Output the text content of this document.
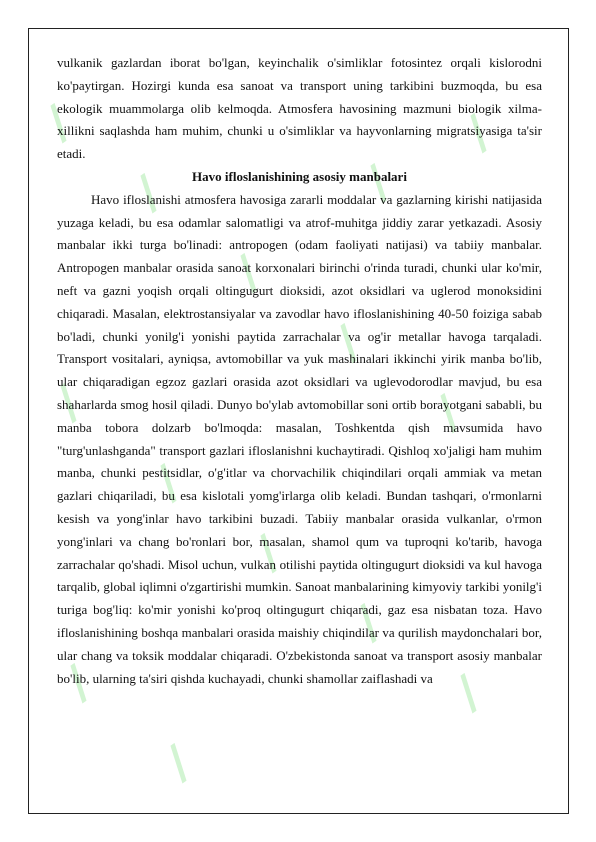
/
/
/
/
/
/
/
/
/
/
/
/
/
/

vulkanik gazlardan iborat bo'lgan, keyinchalik o'simliklar fotosintez orqali kislorodni ko'paytirgan. Hozirgi kunda esa sanoat va transport uning tarkibini buzmoqda, bu esa ekologik muammolarga olib kelmoqda. Atmosfera havosining mazmuni biologik xilma-xillikni saqlashda ham muhim, chunki u o'simliklar va hayvonlarning migratsiyasiga ta'sir etadi.

Havo ifloslanishining asosiy manbalari

Havo ifloslanishi atmosfera havosiga zararli moddalar va gazlarning kirishi natijasida yuzaga keladi, bu esa odamlar salomatligi va atrof-muhitga jiddiy zarar yetkazadi. Asosiy manbalar ikki turga bo'linadi: antropogen (odam faoliyati natijasi) va tabiiy manbalar. Antropogen manbalar orasida sanoat korxonalari birinchi o'rinda turadi, chunki ular ko'mir, neft va gazni yoqish orqali oltingugurt dioksidi, azot oksidlari va uglerod monoksidini chiqaradi. Masalan, elektrostansiyalar va zavodlar havo ifloslanishining 40-50 foiziga sabab bo'ladi, chunki yonilg'i yonishi paytida zarrachalar va og'ir metallar havoga tarqaladi. Transport vositalari, ayniqsa, avtomobillar va yuk mashinalari ikkinchi yirik manba bo'lib, ular chiqaradigan egzoz gazlari orasida azot oksidlari va uglevodorodlar mavjud, bu esa shaharlarda smog hosil qiladi. Dunyo bo'ylab avtomobillar soni ortib borayotgani sababli, bu manba tobora dolzarb bo'lmoqda: masalan, Toshkentda qish mavsumida havo "turg'unlashganda" transport gazlari ifloslanishni kuchaytiradi. Qishloq xo'jaligi ham muhim manba, chunki pestitsidlar, o'g'itlar va chorvachilik chiqindilari orqali ammiak va metan gazlari chiqariladi, bu esa kislotali yomg'irlarga olib keladi. Bundan tashqari, o'rmonlarni kesish va yong'inlar havo tarkibini buzadi. Tabiiy manbalar orasida vulkanlar, o'rmon yong'inlari va chang bo'ronlari bor, masalan, shamol qum va tuproqni ko'tarib, havoga zarrachalar qo'shadi. Misol uchun, vulkan otilishi paytida oltingugurt dioksidi va kul havoga tarqalib, global iqlimni o'zgartirishi mumkin. Sanoat manbalarining kimyoviy tarkibi yonilg'i turiga bog'liq: ko'mir yonishi ko'proq oltingugurt chiqaradi, gaz esa nisbatan toza. Havo ifloslanishining boshqa manbalari orasida maishiy chiqindilar va qurilish maydonchalari bor, ular chang va toksik moddalar chiqaradi. O'zbekistonda sanoat va transport asosiy manbalar bo'lib, ularning ta'siri qishda kuchayadi, chunki shamollar zaiflashadi va
